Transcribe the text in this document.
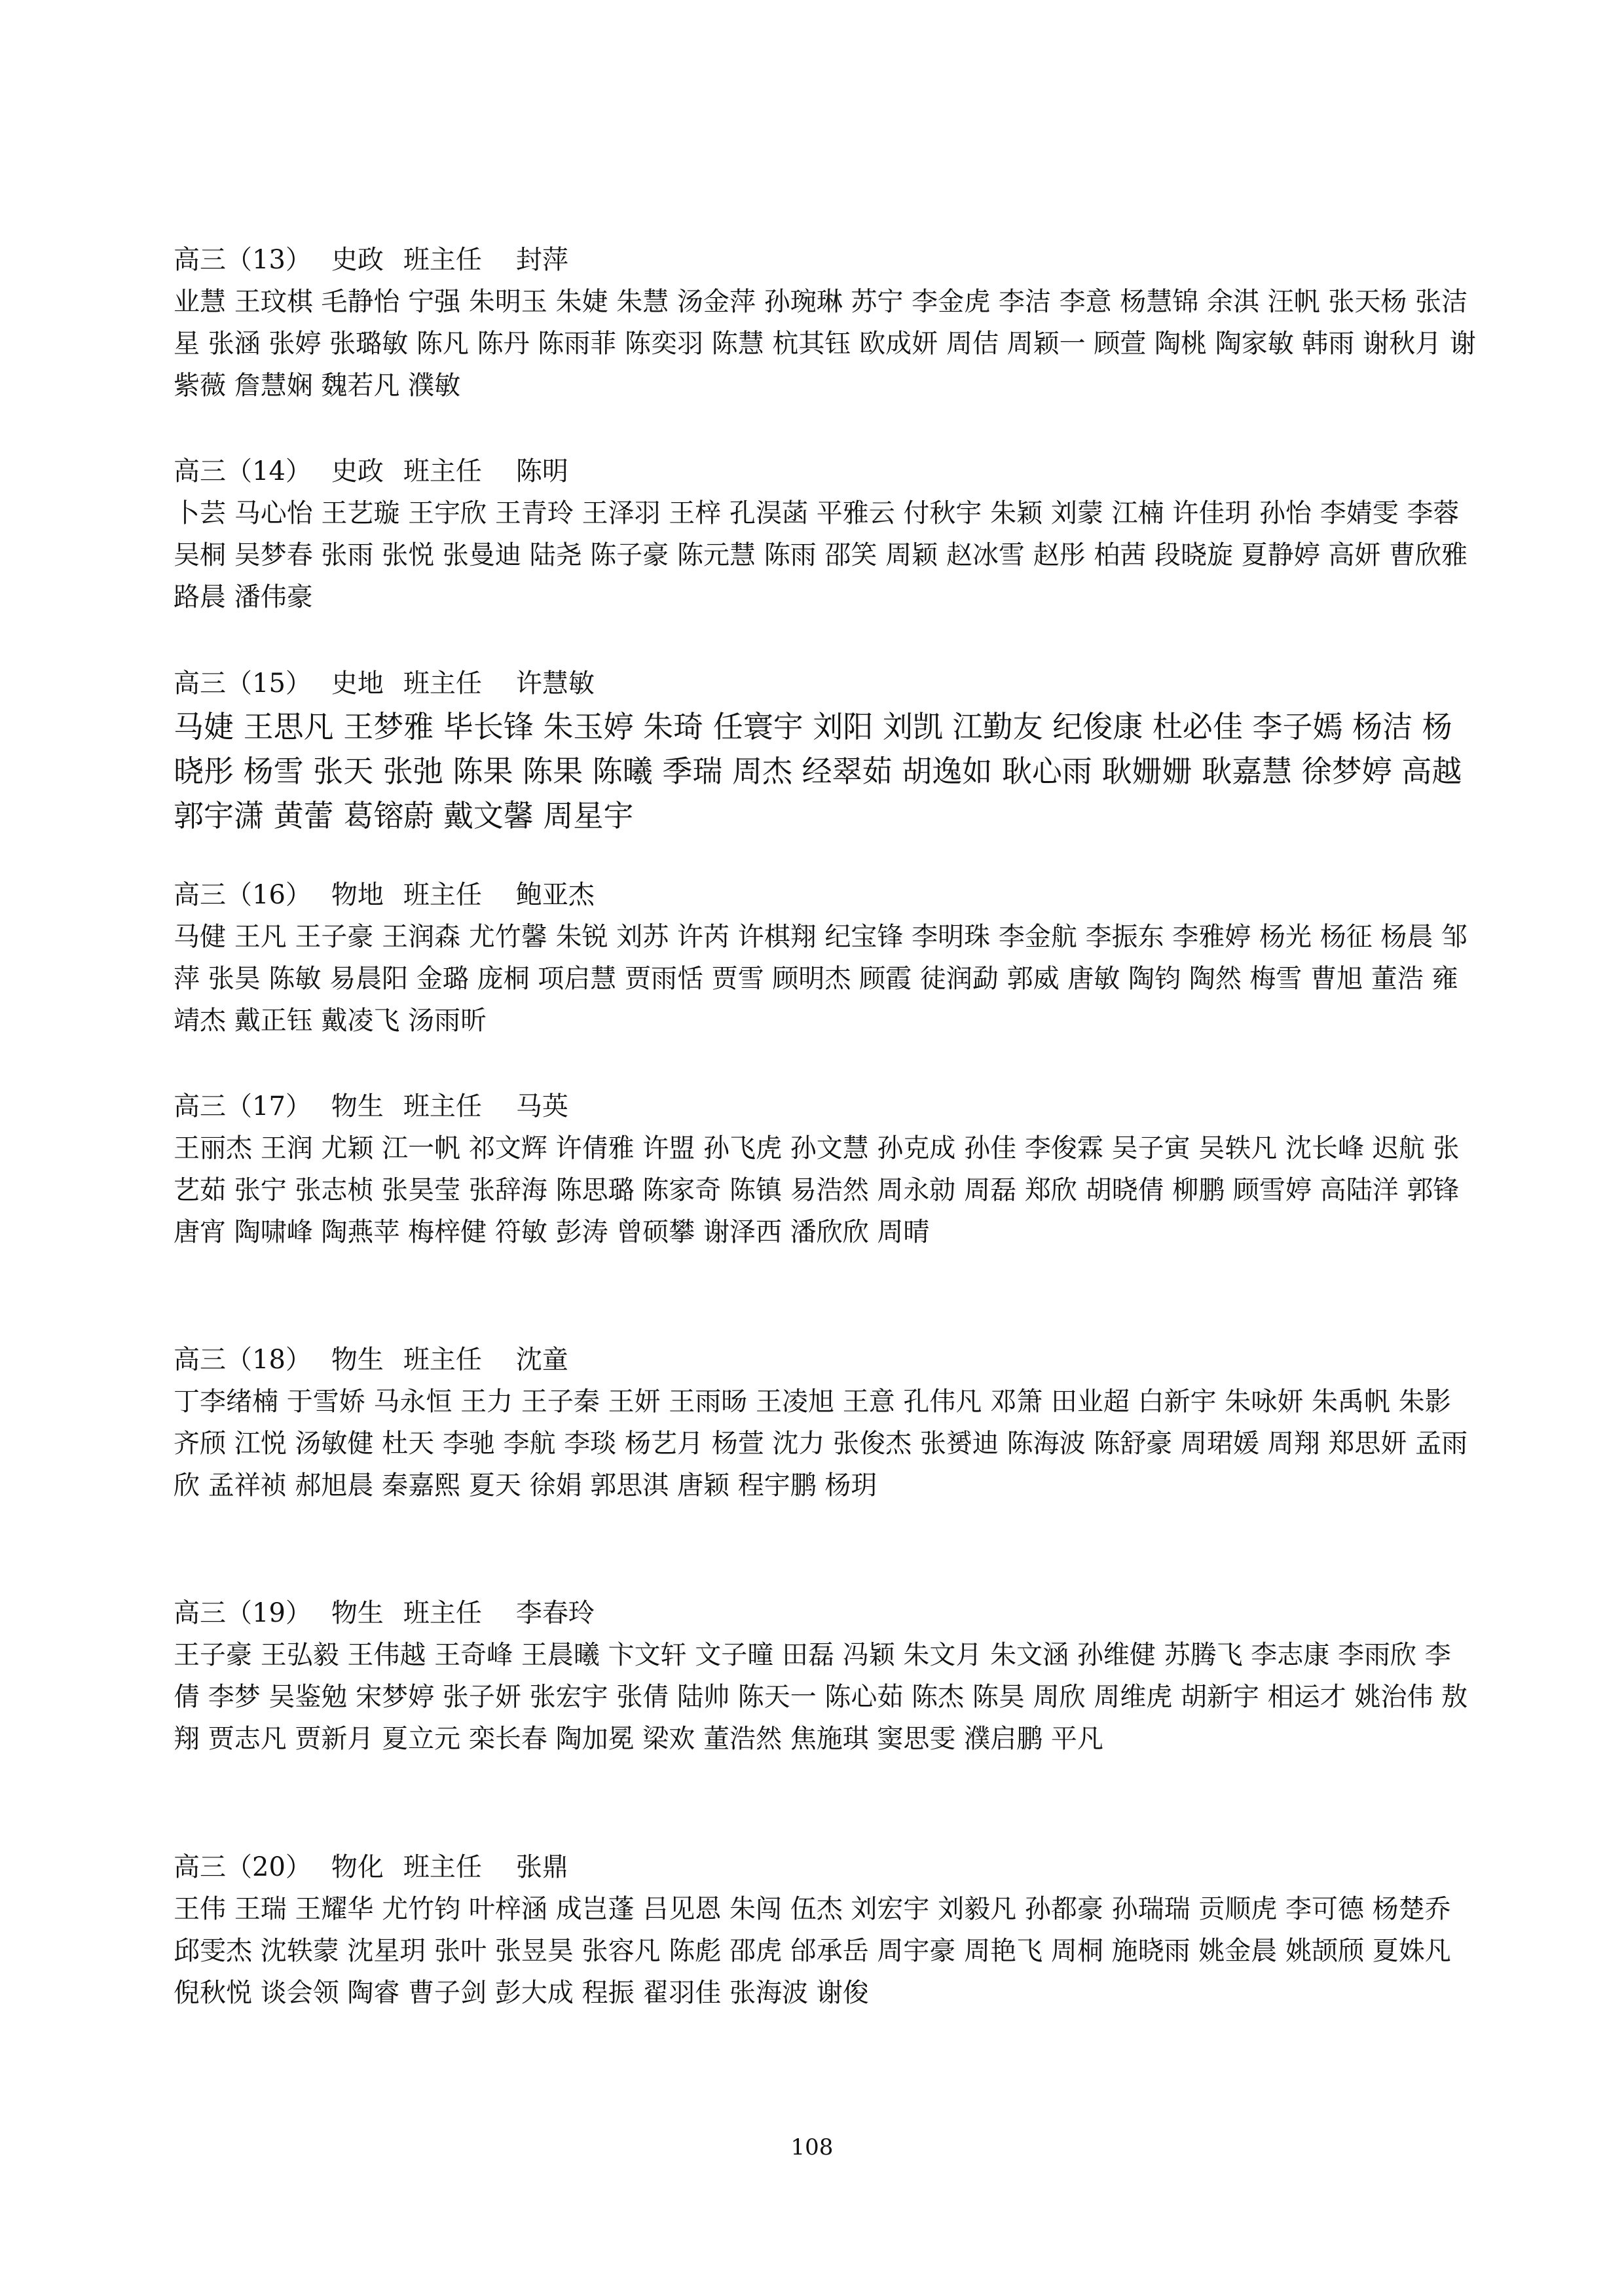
高三（13） 史政 班主任 封萍
业慧 王玟棋 毛静怡 宁强 朱明玉 朱婕 朱慧 汤金萍 孙琬琳 苏宁 李金虎 李洁 李意 杨慧锦 余淇 汪帆 张天杨 张洁星 张涵 张婷 张璐敏 陈凡 陈丹 陈雨菲 陈奕羽 陈慧 杭其钰 欧成妍 周佶 周颖一 顾萱 陶桃 陶家敏 韩雨 谢秋月 谢紫薇 詹慧娴 魏若凡 濮敏
高三（14） 史政 班主任 陈明
卜芸 马心怡 王艺璇 王宇欣 王青玲 王泽羽 王梓 孔淏菡 平雅云 付秋宇 朱颖 刘蒙 江楠 许佳玥 孙怡 李婧雯 李蓉 吴桐 吴梦春 张雨 张悦 张曼迪 陆尧 陈子豪 陈元慧 陈雨 邵笑 周颖 赵冰雪 赵彤 柏茜 段晓旋 夏静婷 高妍 曹欣雅 路晨 潘伟豪
高三（15） 史地 班主任 许慧敏
马婕 王思凡 王梦雅 毕长锋 朱玉婷 朱琦 任寰宇 刘阳 刘凯 江勤友 纪俊康 杜必佳 李子嫣 杨洁 杨晓彤 杨雪 张天 张弛 陈果 陈果 陈曦 季瑞 周杰 经翠茹 胡逸如 耿心雨 耿姗姗 耿嘉慧 徐梦婷 高越 郭宇潇 黄蕾 葛镕蔚 戴文馨 周星宇
高三（16） 物地 班主任 鲍亚杰
马健 王凡 王子豪 王润森 尤竹馨 朱锐 刘苏 许芮 许棋翔 纪宝锋 李明珠 李金航 李振东 李雅婷 杨光 杨征 杨晨 邹萍 张昊 陈敏 易晨阳 金璐 庞桐 项启慧 贾雨恬 贾雪 顾明杰 顾霞 徒润勐 郭威 唐敏 陶钧 陶然 梅雪 曹旭 董浩 雍靖杰 戴正钰 戴凌飞 汤雨昕
高三（17） 物生 班主任 马英
王丽杰 王润 尤颖 江一帆 祁文辉 许倩雅 许盟 孙飞虎 孙文慧 孙克成 孙佳 李俊霖 吴子寅 吴轶凡 沈长峰 迟航 张艺茹 张宁 张志桢 张昊莹 张辞海 陈思璐 陈家奇 陈镇 易浩然 周永勍 周磊 郑欣 胡晓倩 柳鹏 顾雪婷 高陆洋 郭锋 唐宵 陶啸峰 陶燕苹 梅梓健 符敏 彭涛 曾硕攀 谢泽西 潘欣欣 周晴
高三（18） 物生 班主任 沈童
丁李绪楠 于雪娇 马永恒 王力 王子秦 王妍 王雨旸 王凌旭 王意 孔伟凡 邓箫 田业超 白新宇 朱咏妍 朱禹帆 朱影 齐颀 江悦 汤敏健 杜天 李驰 李航 李琰 杨艺月 杨萱 沈力 张俊杰 张赟迪 陈海波 陈舒豪 周珺媛 周翔 郑思妍 孟雨欣 孟祥祯 郝旭晨 秦嘉熙 夏天 徐娟 郭思淇 唐颖 程宇鹏 杨玥
高三（19） 物生 班主任 李春玲
王子豪 王弘毅 王伟越 王奇峰 王晨曦 卞文轩 文子曈 田磊 冯颖 朱文月 朱文涵 孙维健 苏腾飞 李志康 李雨欣 李倩 李梦 吴鉴勉 宋梦婷 张子妍 张宏宇 张倩 陆帅 陈天一 陈心茹 陈杰 陈昊 周欣 周维虎 胡新宇 相运才 姚治伟 敖翔 贾志凡 贾新月 夏立元 栾长春 陶加冕 梁欢 董浩然 焦施琪 窦思雯 濮启鹏 平凡
高三（20） 物化 班主任 张鼎
王伟 王瑞 王耀华 尤竹钧 叶梓涵 成岂蓬 吕见恩 朱闯 伍杰 刘宏宇 刘毅凡 孙都豪 孙瑞瑞 贡顺虎 李可德 杨楚乔 邱雯杰 沈轶蒙 沈星玥 张叶 张昱昊 张容凡 陈彪 邵虎 邰承岳 周宇豪 周艳飞 周桐 施晓雨 姚金晨 姚颉颀 夏姝凡 倪秋悦 谈会领 陶睿 曹子剑 彭大成 程振 翟羽佳 张海波 谢俊
108
